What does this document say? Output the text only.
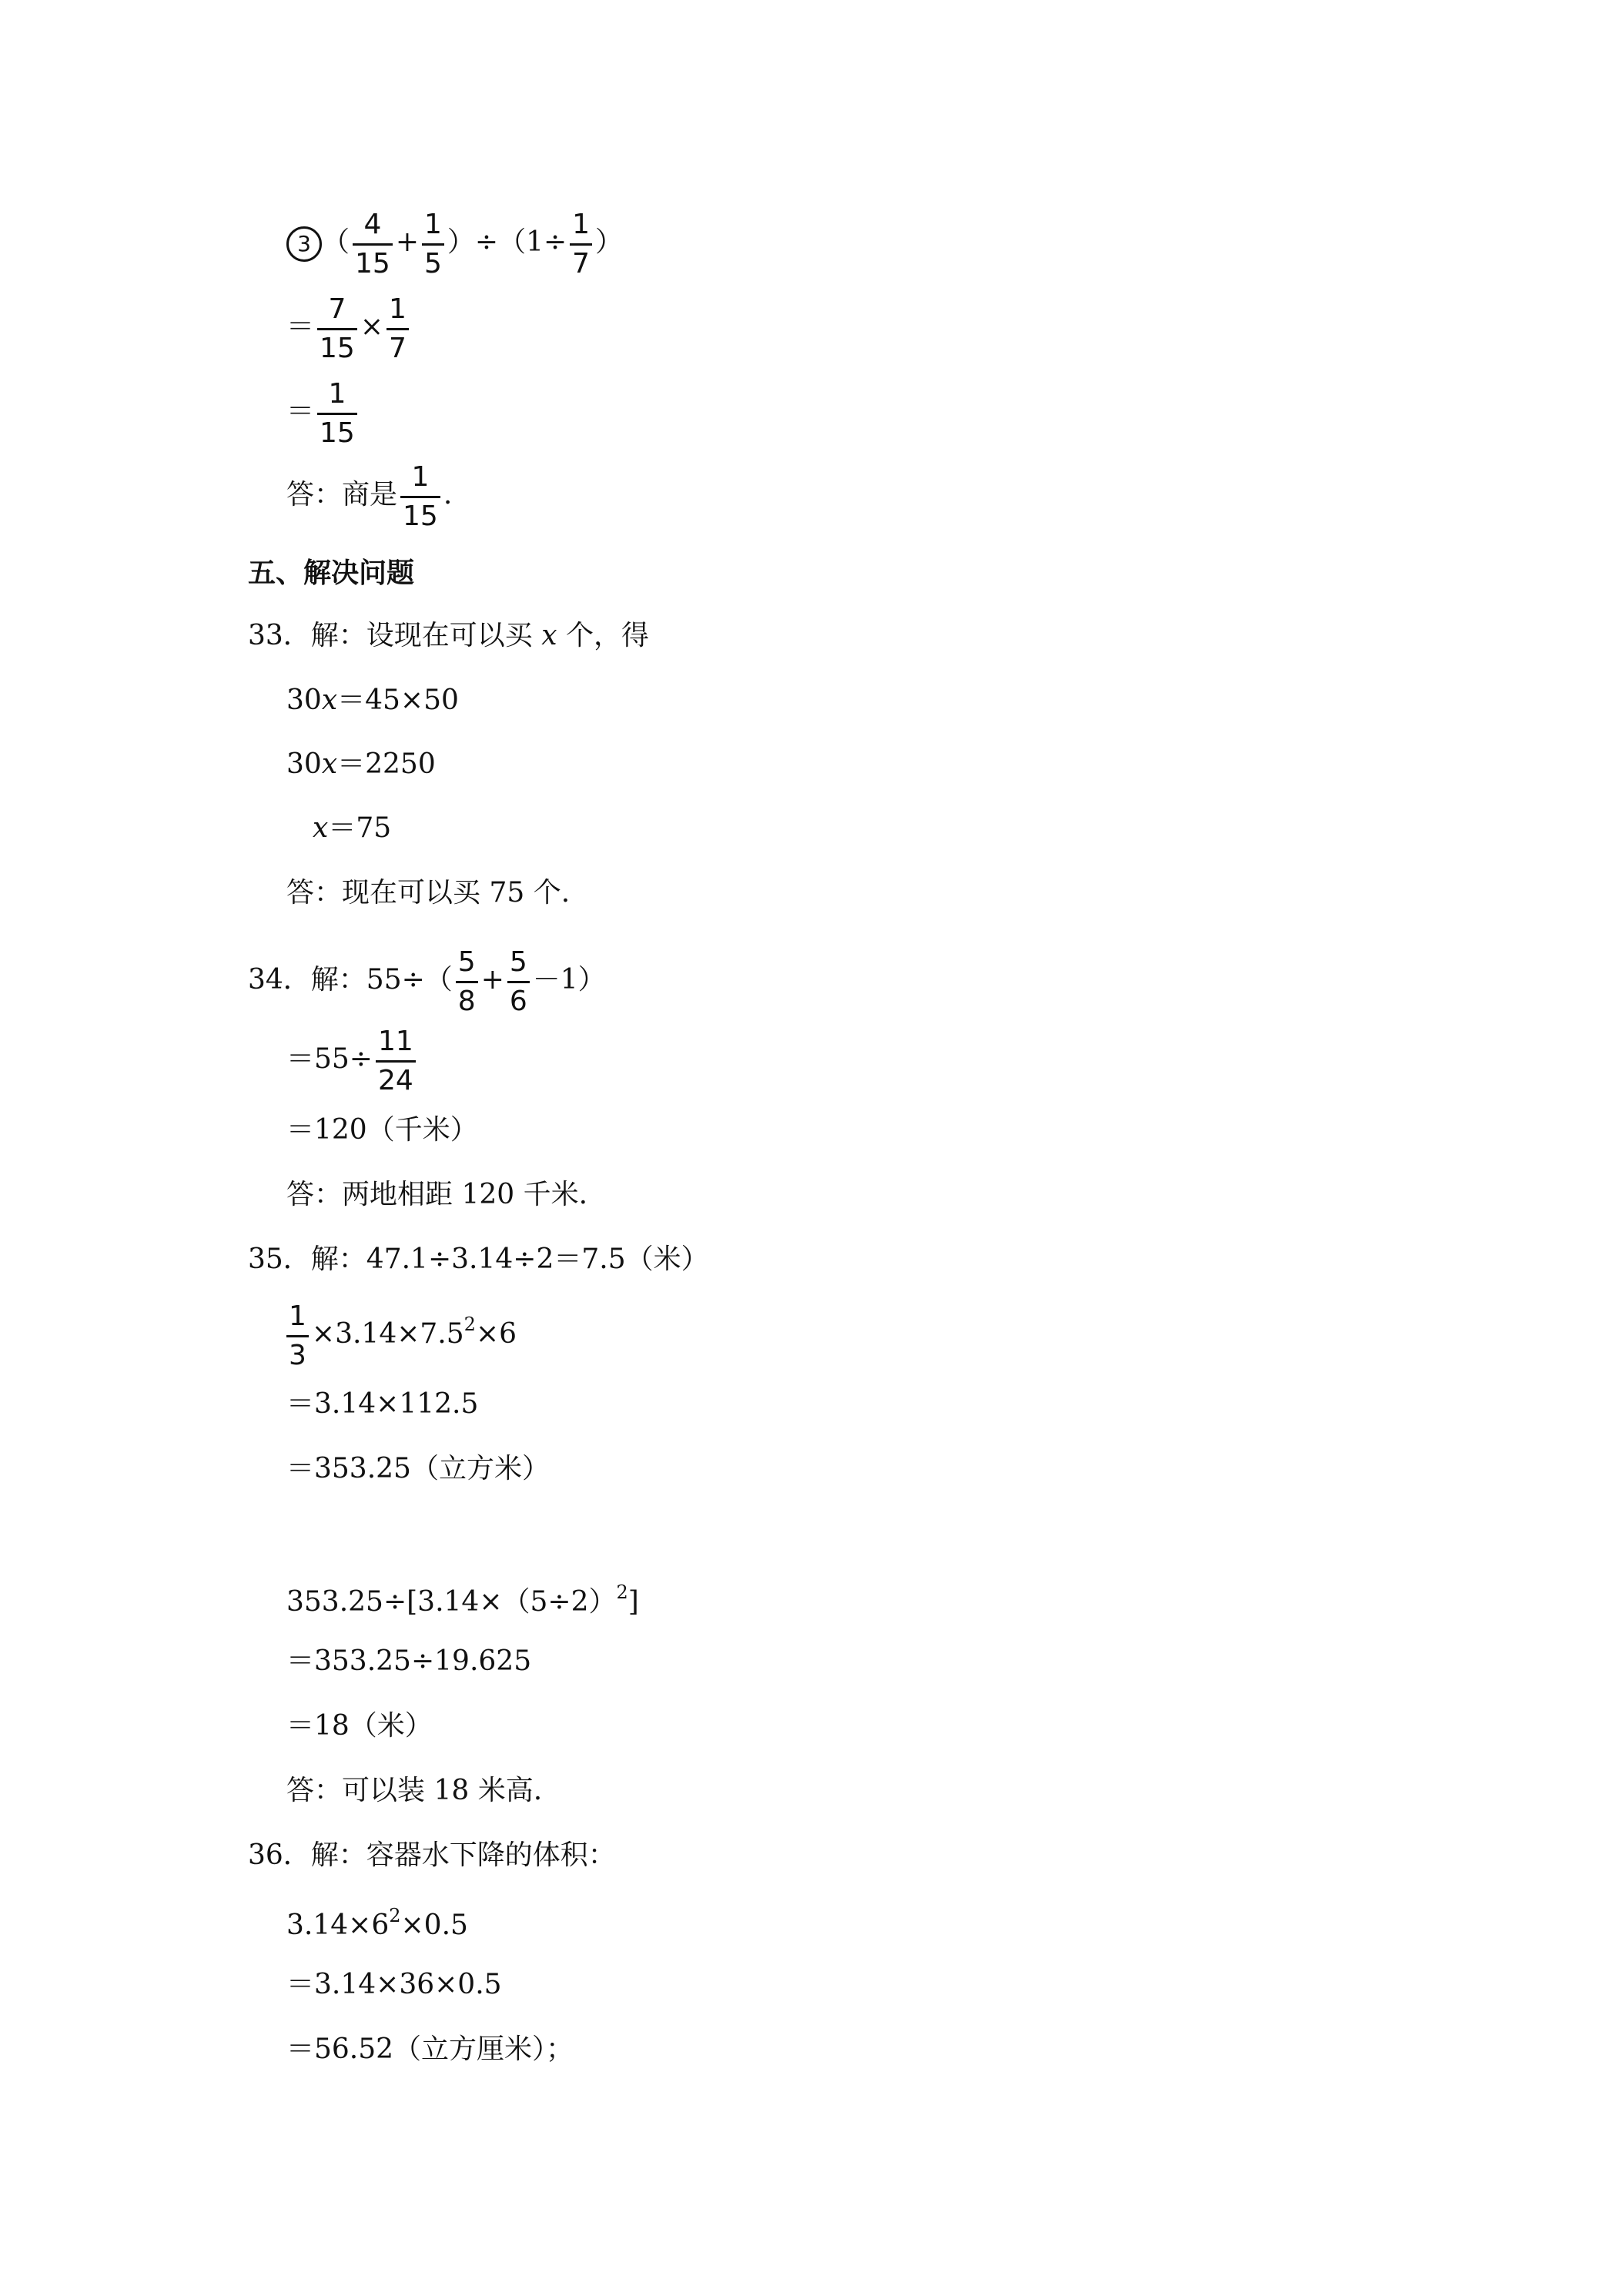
3 （ $\frac{4}{15} + \frac{1}{5} )\div(1\div \frac{1}{7}$ ）
＝ $\frac{7}{15} \times \frac{1}{7}$
＝ $\frac{1}{15}$
答：商是 $\frac{1}{15}$ .
五、解决问题
33．解：设现在可以买 x 个，得
30x＝45×50
30x＝2250
x＝75
答：现在可以买 75 个.
34．解：$55\div( \frac{5}{8} + \frac{5}{6} -1)$
$=55\div \frac{11}{24}$
＝120（千米）
答：两地相距 120 千米.
35．解：47.1÷3.14÷2＝7.5（米）
$\frac{1}{3} \times 3.14\times 7.5^2\times 6$
＝3.14×112.5
＝353.25（立方米）
$353.25\div[3.14\times(5\div 2)^2]$
＝353.25÷19.625
＝18（米）
答：可以装 18 米高.
36．解：容器水下降的体积：
$3.14\times 6^2\times 0.5$
＝3.14×36×0.5
＝56.52（立方厘米）；
